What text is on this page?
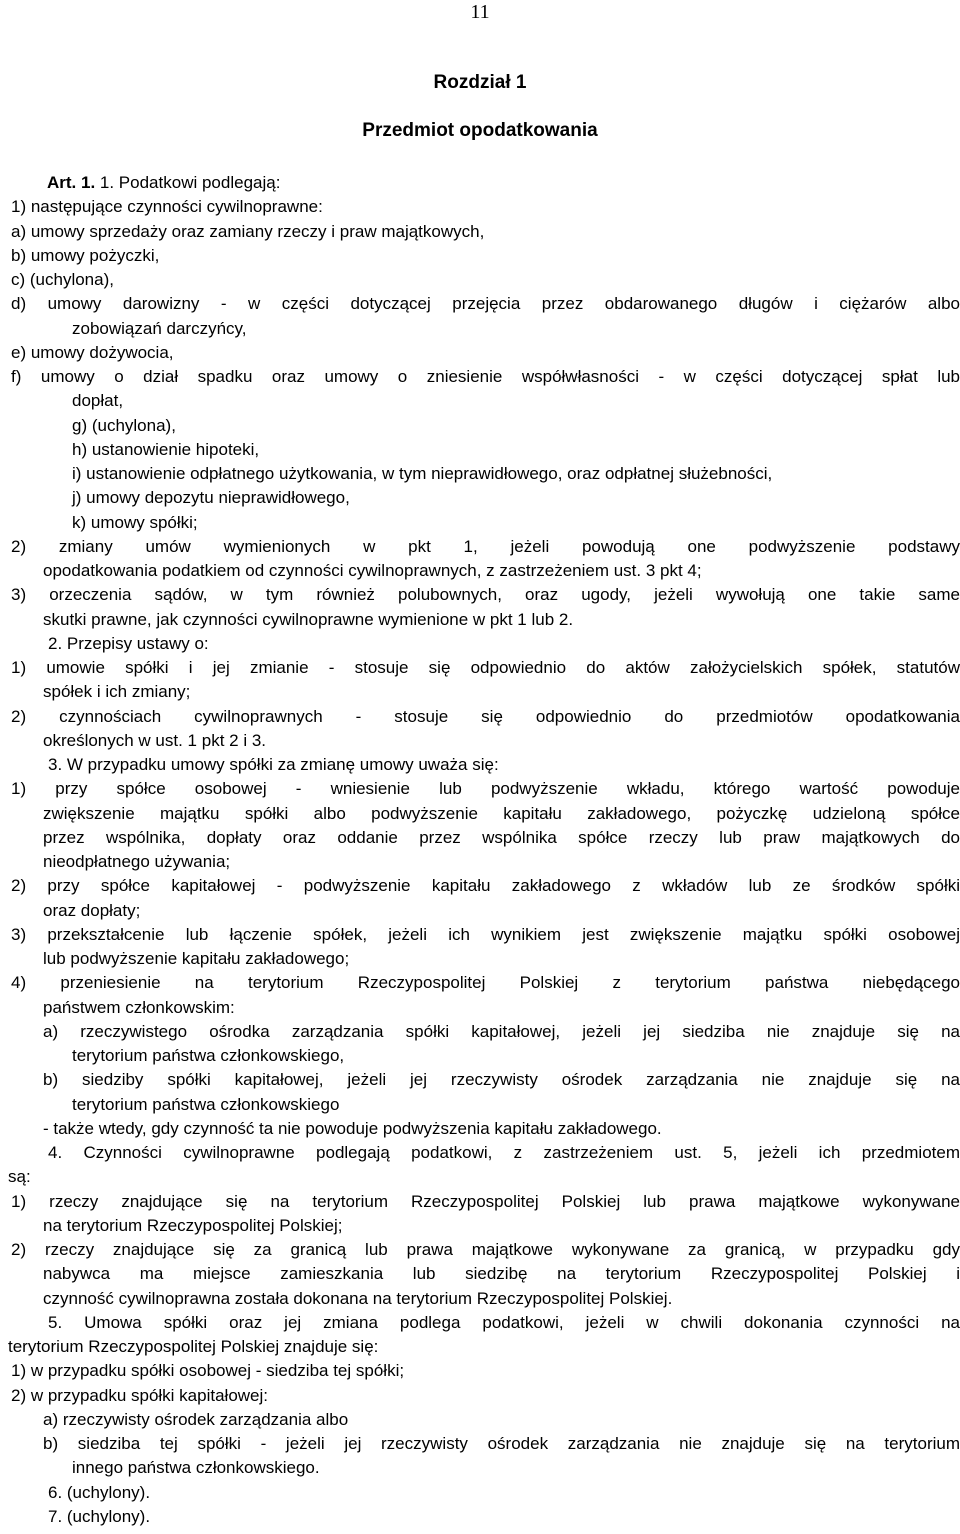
11
Rozdział 1
Przedmiot opodatkowania
Art. 1. 1. Podatkowi podlegają:
1) następujące czynności cywilnoprawne:
a) umowy sprzedaży oraz zamiany rzeczy i praw majątkowych,
b) umowy pożyczki,
c) (uchylona),
d) umowy darowizny - w części dotyczącej przejęcia przez obdarowanego długów i ciężarów albo
zobowiązań darczyńcy,
e) umowy dożywocia,
f) umowy o dział spadku oraz umowy o zniesienie współwłasności - w części dotyczącej spłat lub
dopłat,
g) (uchylona),
h) ustanowienie hipoteki,
i) ustanowienie odpłatnego użytkowania, w tym nieprawidłowego, oraz odpłatnej służebności,
j) umowy depozytu nieprawidłowego,
k) umowy spółki;
2) zmiany umów wymienionych w pkt 1, jeżeli powodują one podwyższenie podstawy
opodatkowania podatkiem od czynności cywilnoprawnych, z zastrzeżeniem ust. 3 pkt 4;
3) orzeczenia sądów, w tym również polubownych, oraz ugody, jeżeli wywołują one takie same
skutki prawne, jak czynności cywilnoprawne wymienione w pkt 1 lub 2.
2. Przepisy ustawy o:
1) umowie spółki i jej zmianie - stosuje się odpowiednio do aktów założycielskich spółek, statutów
spółek i ich zmiany;
2) czynnościach cywilnoprawnych - stosuje się odpowiednio do przedmiotów opodatkowania
określonych w ust. 1 pkt 2 i 3.
3. W przypadku umowy spółki za zmianę umowy uważa się:
1) przy spółce osobowej - wniesienie lub podwyższenie wkładu, którego wartość powoduje
zwiększenie majątku spółki albo podwyższenie kapitału zakładowego, pożyczkę udzieloną spółce
przez wspólnika, dopłaty oraz oddanie przez wspólnika spółce rzeczy lub praw majątkowych do
nieodpłatnego używania;
2) przy spółce kapitałowej - podwyższenie kapitału zakładowego z wkładów lub ze środków spółki
oraz dopłaty;
3) przekształcenie lub łączenie spółek, jeżeli ich wynikiem jest zwiększenie majątku spółki osobowej
lub podwyższenie kapitału zakładowego;
4) przeniesienie na terytorium Rzeczypospolitej Polskiej z terytorium państwa niebędącego
państwem członkowskim:
a) rzeczywistego ośrodka zarządzania spółki kapitałowej, jeżeli jej siedziba nie znajduje się na
terytorium państwa członkowskiego,
b) siedziby spółki kapitałowej, jeżeli jej rzeczywisty ośrodek zarządzania nie znajduje się na
terytorium państwa członkowskiego
- także wtedy, gdy czynność ta nie powoduje podwyższenia kapitału zakładowego.
4. Czynności cywilnoprawne podlegają podatkowi, z zastrzeżeniem ust. 5, jeżeli ich przedmiotem
są:
1) rzeczy znajdujące się na terytorium Rzeczypospolitej Polskiej lub prawa majątkowe wykonywane
na terytorium Rzeczypospolitej Polskiej;
2) rzeczy znajdujące się za granicą lub prawa majątkowe wykonywane za granicą, w przypadku gdy
nabywca ma miejsce zamieszkania lub siedzibę na terytorium Rzeczypospolitej Polskiej i
czynność cywilnoprawna została dokonana na terytorium Rzeczypospolitej Polskiej.
5. Umowa spółki oraz jej zmiana podlega podatkowi, jeżeli w chwili dokonania czynności na
terytorium Rzeczypospolitej Polskiej znajduje się:
1) w przypadku spółki osobowej - siedziba tej spółki;
2) w przypadku spółki kapitałowej:
a) rzeczywisty ośrodek zarządzania albo
b) siedziba tej spółki - jeżeli jej rzeczywisty ośrodek zarządzania nie znajduje się na terytorium
innego państwa członkowskiego.
6. (uchylony).
7. (uchylony).
